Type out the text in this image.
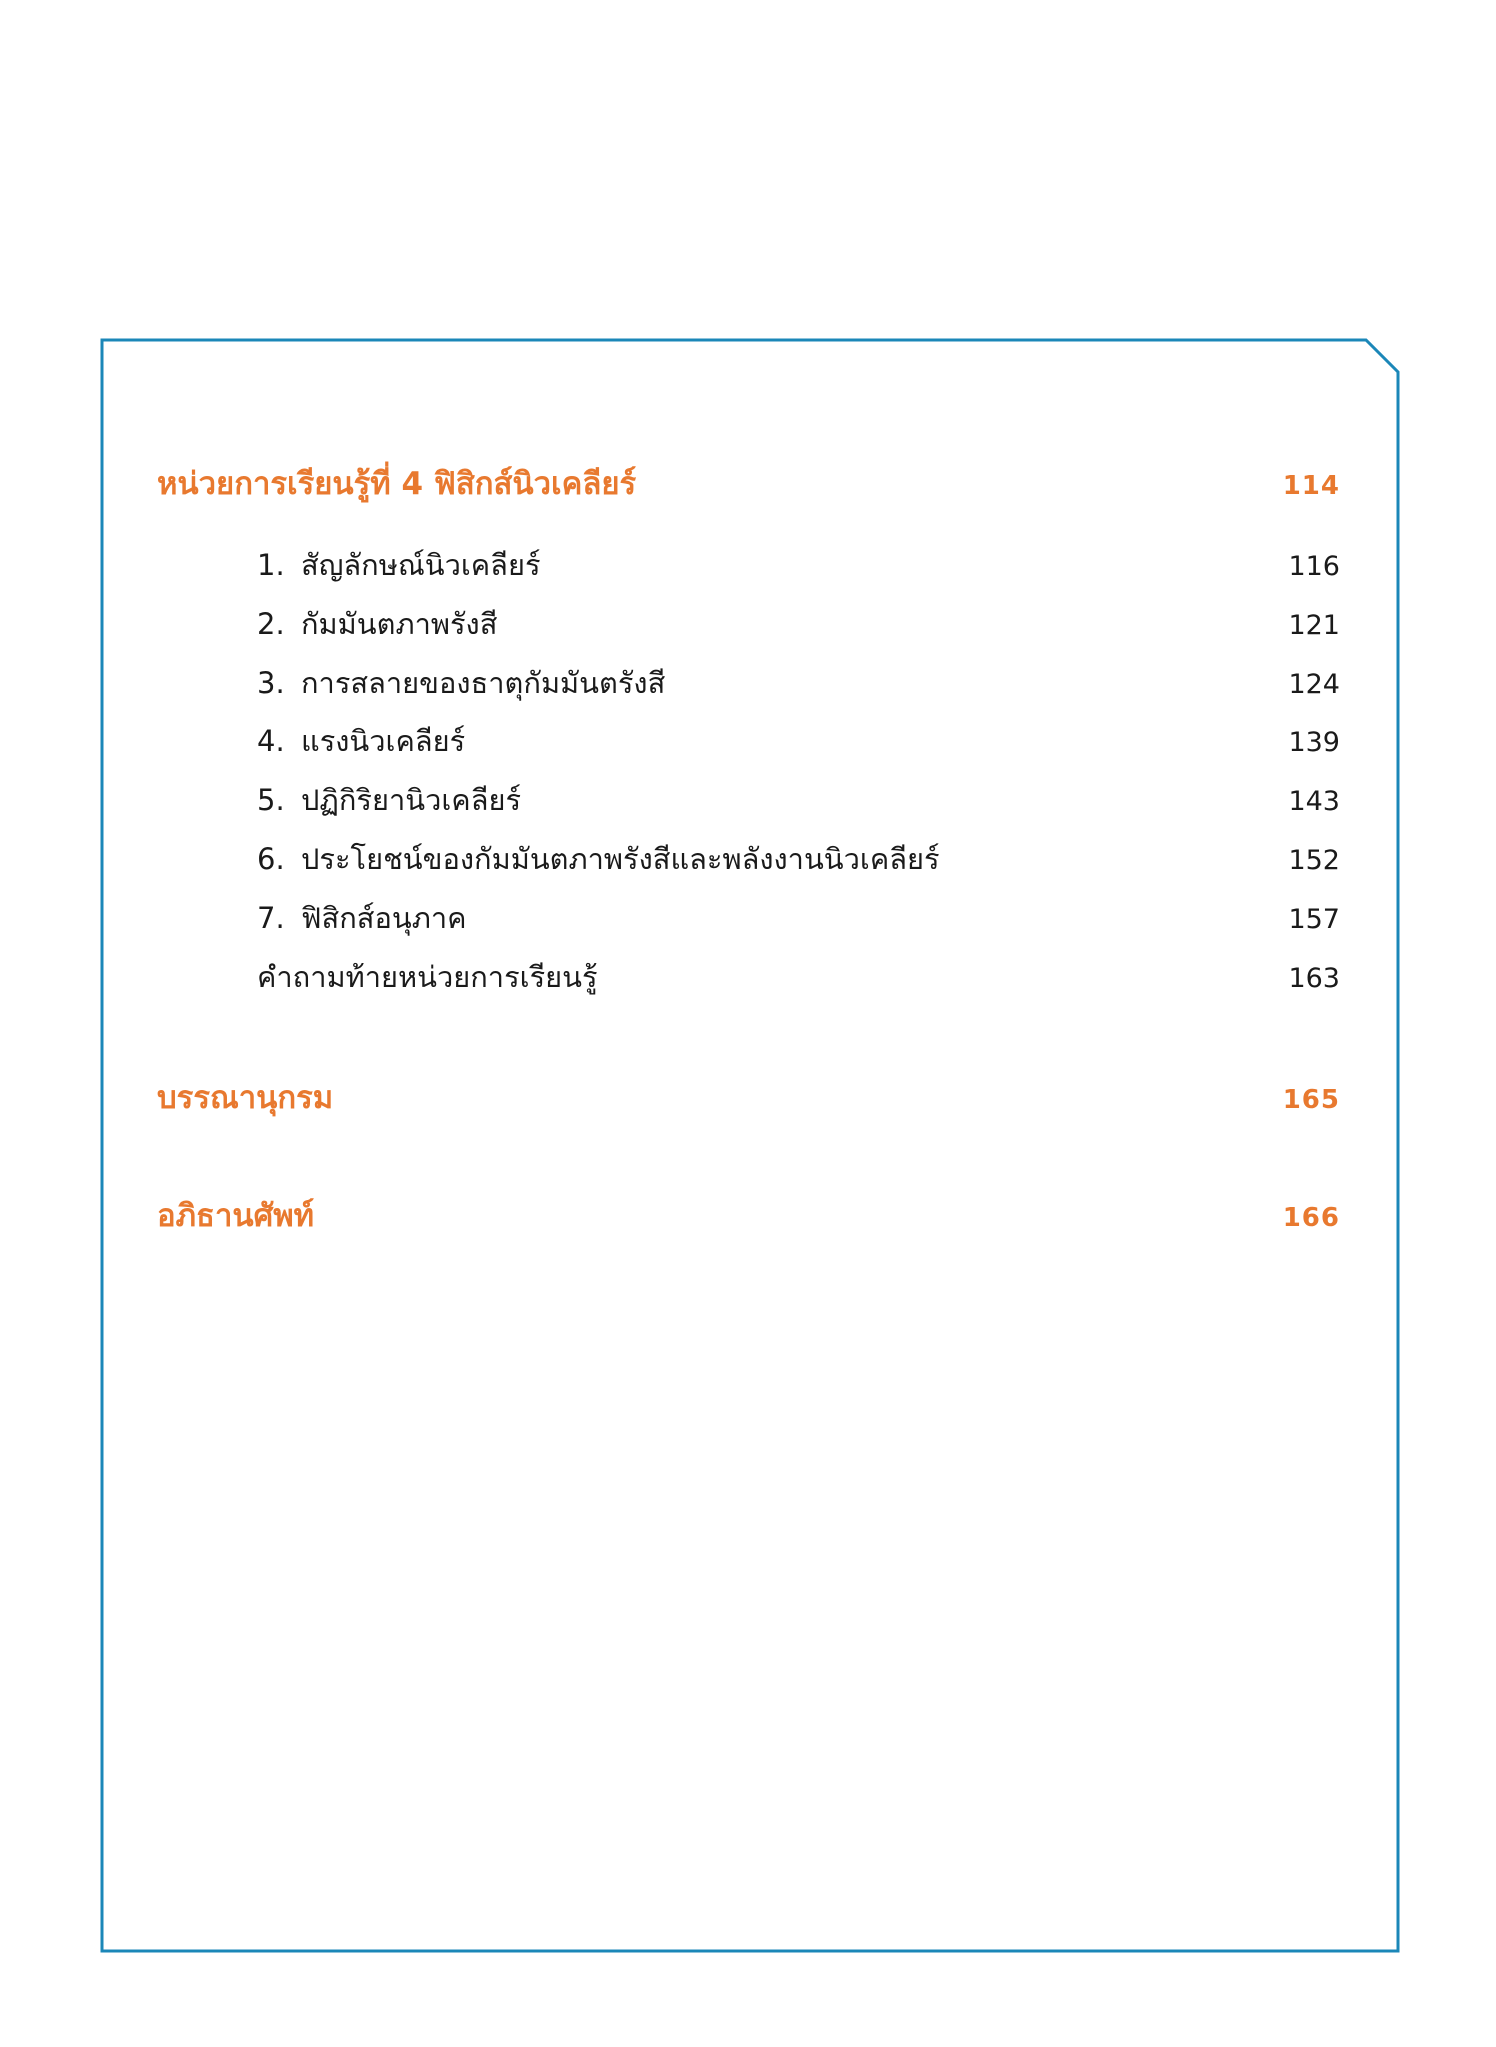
หน่วยการเรียนรู้ที่ 4 ฟิสิกส์นิวเคลียร์	114
1. สัญลักษณ์นิวเคลียร์	116
2. กัมมันตภาพรังสี	121
3. การสลายของธาตุกัมมันตรังสี	124
4. แรงนิวเคลียร์	139
5. ปฏิกิริยานิวเคลียร์	143
6. ประโยชน์ของกัมมันตภาพรังสีและพลังงานนิวเคลียร์	152
7. ฟิสิกส์อนุภาค	157
คำถามท้ายหน่วยการเรียนรู้	163
บรรณานุกรม	165
อภิธานศัพท์	166
